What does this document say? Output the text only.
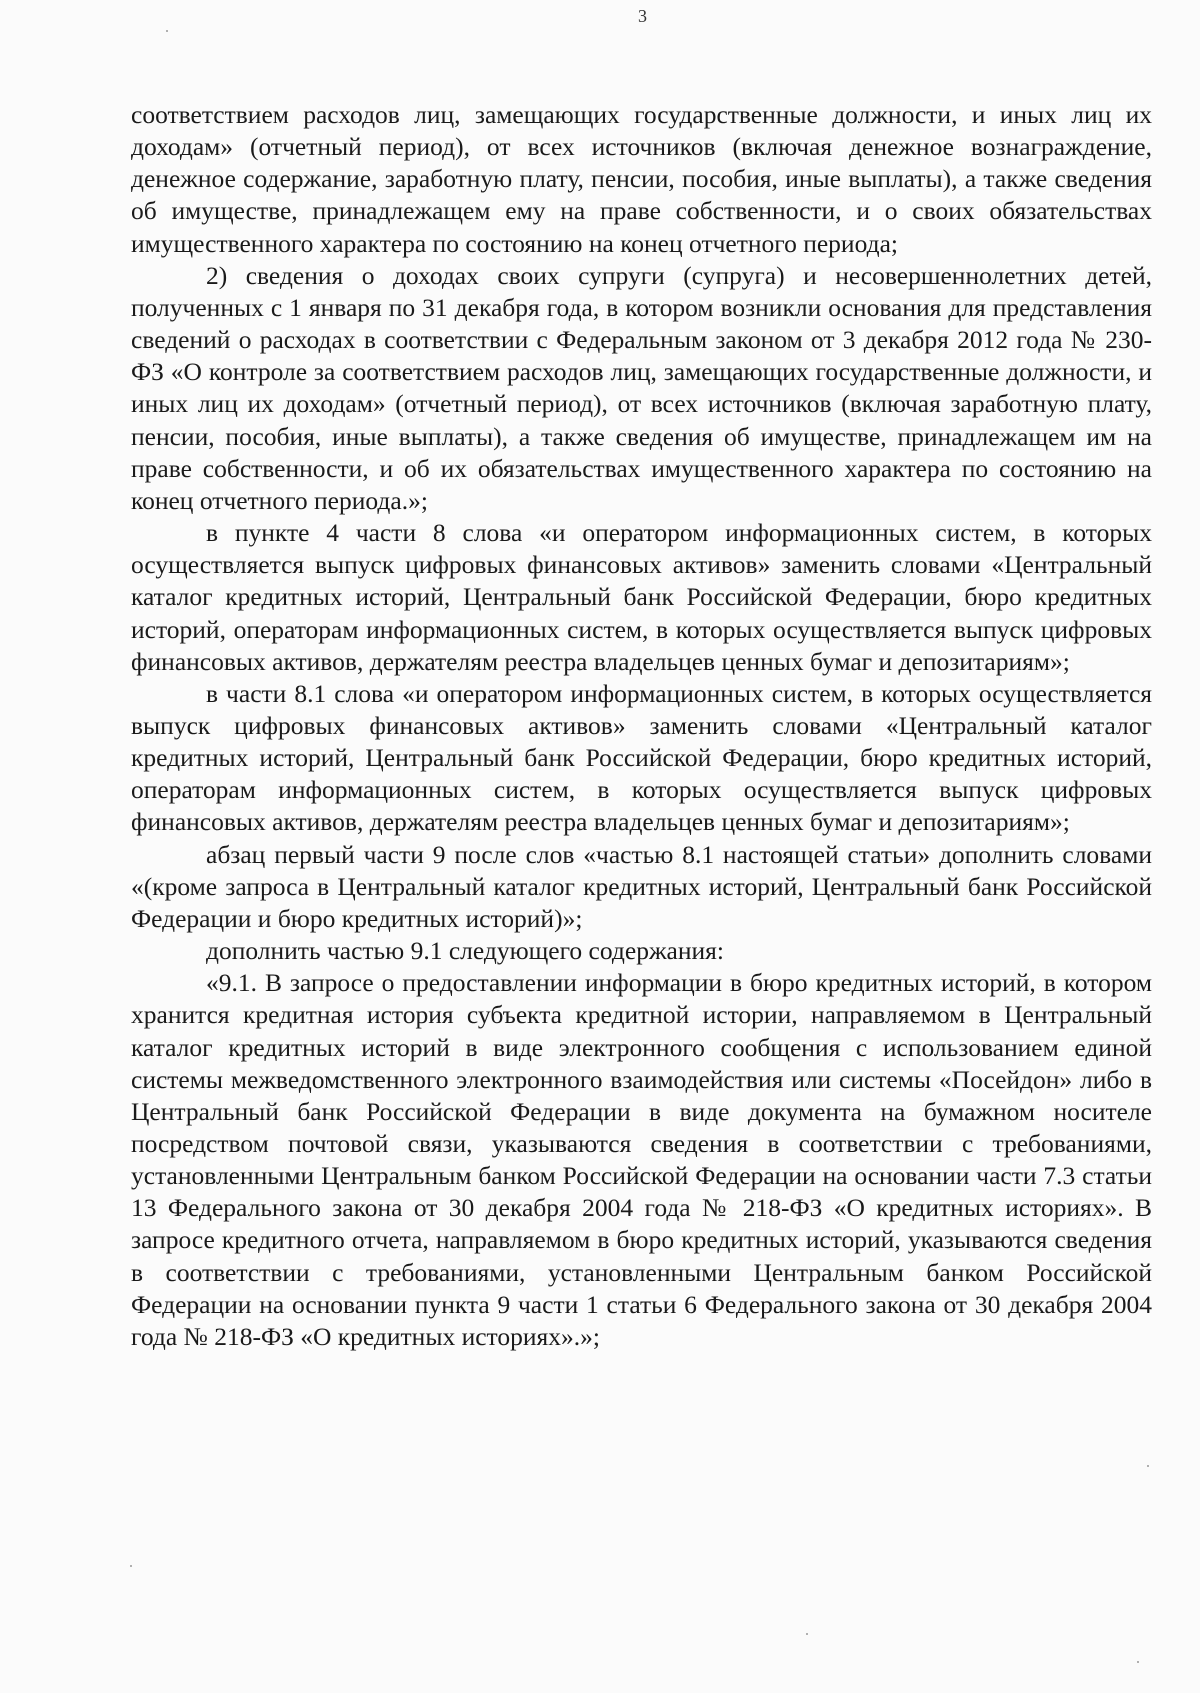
3

соответствием расходов лиц, замещающих государственные должности, и иных лиц их доходам» (отчетный период), от всех источников (включая денежное вознаграждение, денежное содержание, заработную плату, пенсии, пособия, иные выплаты), а также сведения об имуществе, принадлежащем ему на праве собственности, и о своих обязательствах имущественного характера по состоянию на конец отчетного периода;

2) сведения о доходах своих супруги (супруга) и несовершеннолетних детей, полученных с 1 января по 31 декабря года, в котором возникли основания для представления сведений о расходах в соответствии с Федеральным законом от 3 декабря 2012 года № 230-ФЗ «О контроле за соответствием расходов лиц, замещающих государственные должности, и иных лиц их доходам» (отчетный период), от всех источников (включая заработную плату, пенсии, пособия, иные выплаты), а также сведения об имуществе, принадлежащем им на праве собственности, и об их обязательствах имущественного характера по состоянию на конец отчетного периода.»;

в пункте 4 части 8 слова «и оператором информационных систем, в которых осуществляется выпуск цифровых финансовых активов» заменить словами «Центральный каталог кредитных историй, Центральный банк Российской Федерации, бюро кредитных историй, операторам информационных систем, в которых осуществляется выпуск цифровых финансовых активов, держателям реестра владельцев ценных бумаг и депозитариям»;

в части 8.1 слова «и оператором информационных систем, в которых осуществляется выпуск цифровых финансовых активов» заменить словами «Центральный каталог кредитных историй, Центральный банк Российской Федерации, бюро кредитных историй, операторам информационных систем, в которых осуществляется выпуск цифровых финансовых активов, держателям реестра владельцев ценных бумаг и депозитариям»;

абзац первый части 9 после слов «частью 8.1 настоящей статьи» дополнить словами «(кроме запроса в Центральный каталог кредитных историй, Центральный банк Российской Федерации и бюро кредитных историй)»;

дополнить частью 9.1 следующего содержания:

«9.1. В запросе о предоставлении информации в бюро кредитных историй, в котором хранится кредитная история субъекта кредитной истории, направляемом в Центральный каталог кредитных историй в виде электронного сообщения с использованием единой системы межведомственного электронного взаимодействия или системы «Посейдон» либо в Центральный банк Российской Федерации в виде документа на бумажном носителе посредством почтовой связи, указываются сведения в соответствии с требованиями, установленными Центральным банком Российской Федерации на основании части 7.3 статьи 13 Федерального закона от 30 декабря 2004 года № 218-ФЗ «О кредитных историях». В запросе кредитного отчета, направляемом в бюро кредитных историй, указываются сведения в соответствии с требованиями, установленными Центральным банком Российской Федерации на основании пункта 9 части 1 статьи 6 Федерального закона от 30 декабря 2004 года № 218-ФЗ «О кредитных историях».»;
